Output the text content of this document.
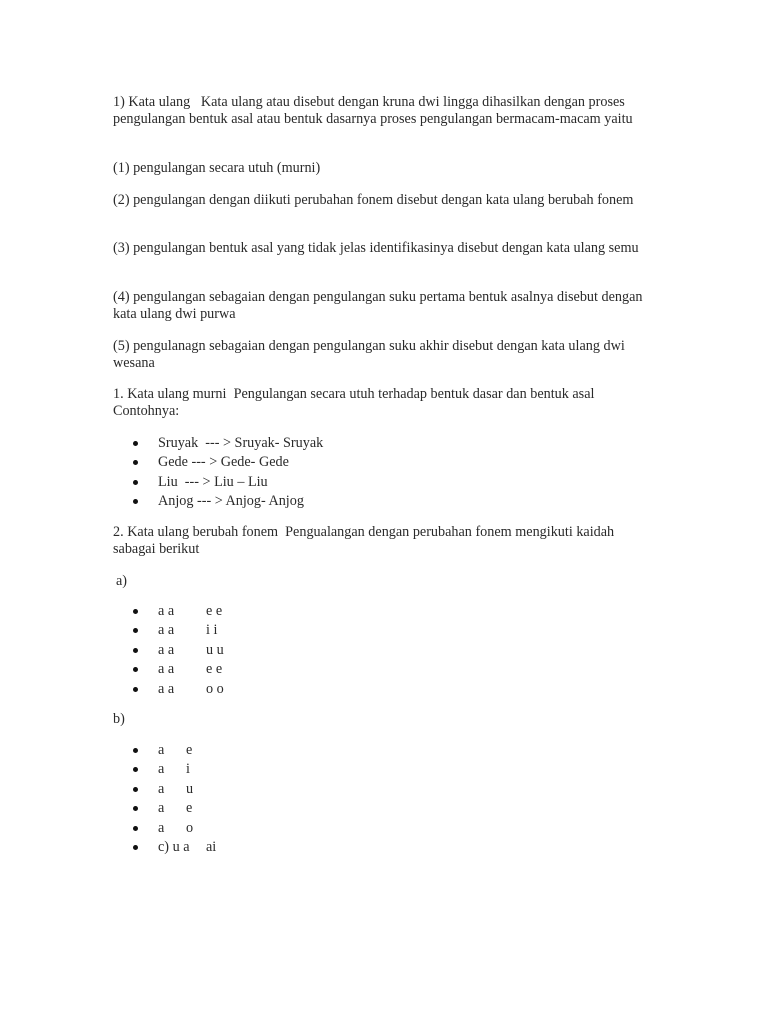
1) Kata ulang Kata ulang atau disebut dengan kruna dwi lingga dihasilkan dengan proses pengulangan bentuk asal atau bentuk dasarnya proses pengulangan bermacam-macam yaitu

(1) pengulangan secara utuh (murni)

(2) pengulangan dengan diikuti perubahan fonem disebut dengan kata ulang berubah fonem

(3) pengulangan bentuk asal yang tidak jelas identifikasinya disebut dengan kata ulang semu

(4) pengulangan sebagaian dengan pengulangan suku pertama bentuk asalnya disebut dengan kata ulang dwi purwa

(5) pengulanagn sebagaian dengan pengulangan suku akhir disebut dengan kata ulang dwi wesana

1. Kata ulang murni Pengulangan secara utuh terhadap bentuk dasar dan bentuk asal Contohnya:

Sruyak  --- > Sruyak- Sruyak
Gede --- > Gede- Gede
Liu  --- > Liu – Liu
Anjog --- > Anjog- Anjog

2. Kata ulang berubah fonem Pengualangan dengan perubahan fonem mengikuti kaidah sabagai berikut

a)

a a e e
a a i i
a a u u
a a e e
a a o o

b)

a e
a i
a u
a e
a o
c) u a ai
